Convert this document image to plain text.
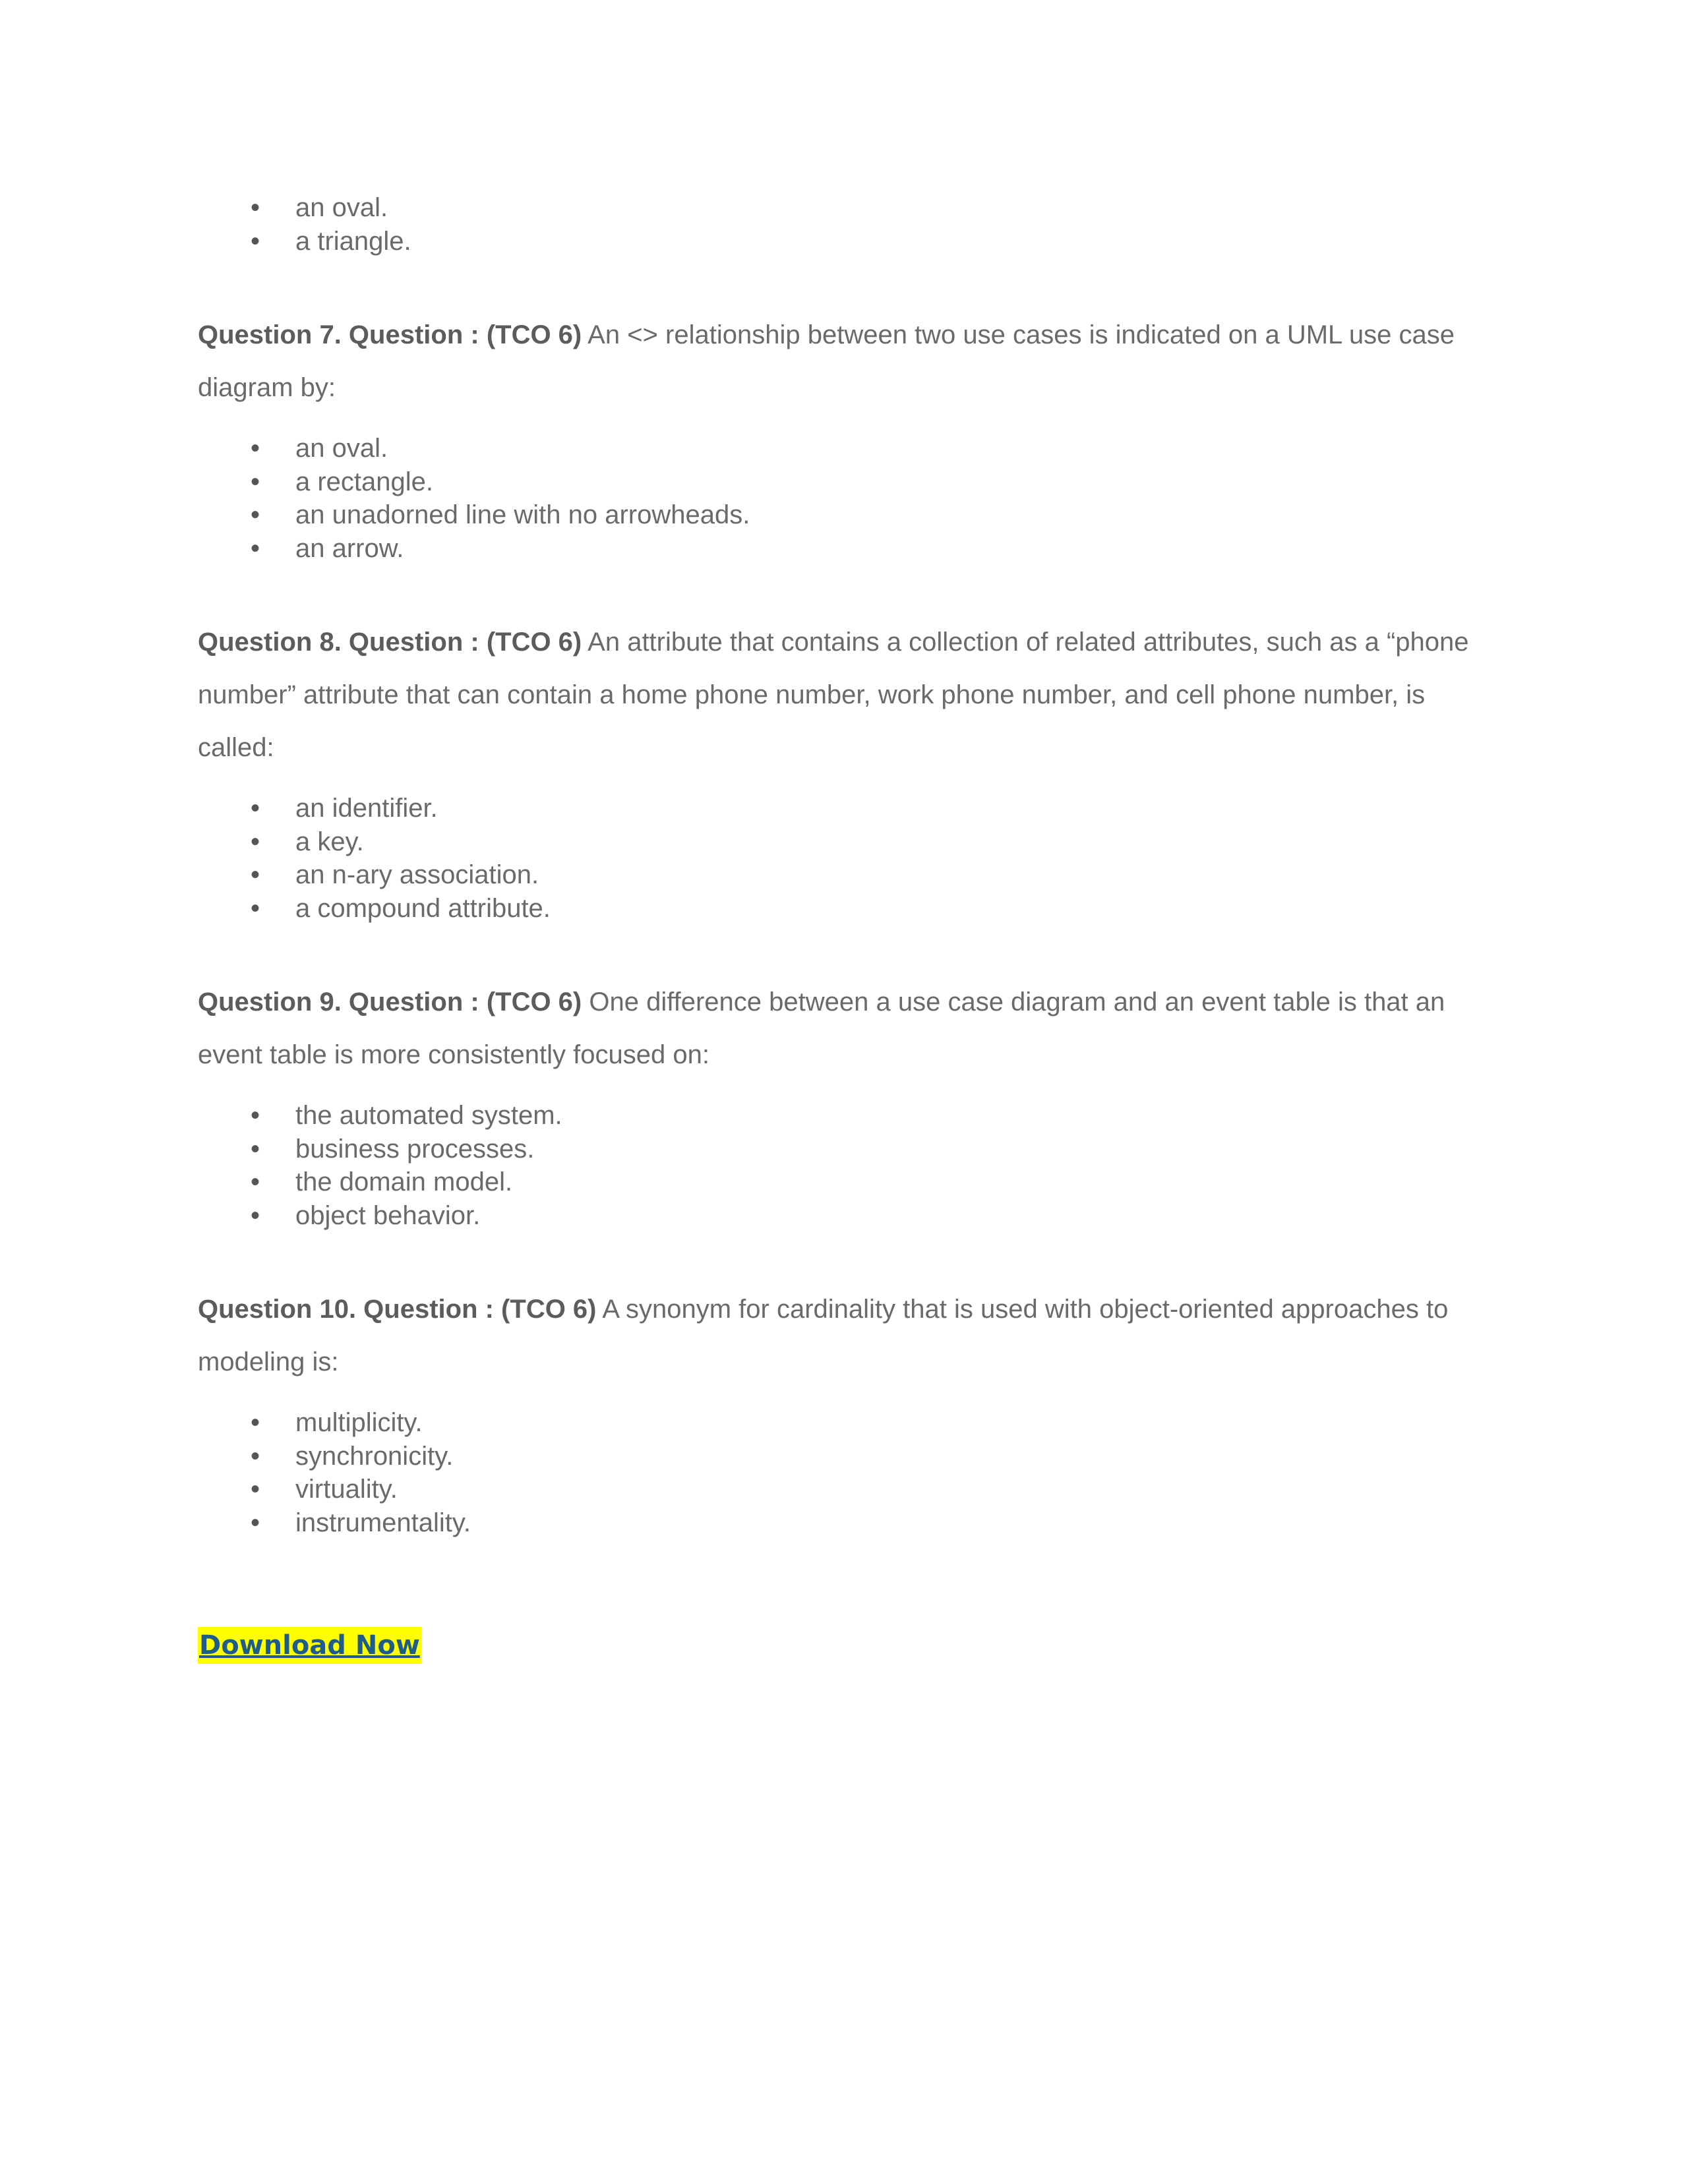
• an oval.
• a triangle.

Question 7. Question : (TCO 6) An <> relationship between two use cases is indicated on a UML use case diagram by:

• an oval.
• a rectangle.
• an unadorned line with no arrowheads.
• an arrow.

Question 8. Question : (TCO 6) An attribute that contains a collection of related attributes, such as a “phone number” attribute that can contain a home phone number, work phone number, and cell phone number, is called:

• an identifier.
• a key.
• an n-ary association.
• a compound attribute.

Question 9. Question : (TCO 6) One difference between a use case diagram and an event table is that an event table is more consistently focused on:

• the automated system.
• business processes.
• the domain model.
• object behavior.

Question 10. Question : (TCO 6) A synonym for cardinality that is used with object-oriented approaches to modeling is:

• multiplicity.
• synchronicity.
• virtuality.
• instrumentality.
Download Now
